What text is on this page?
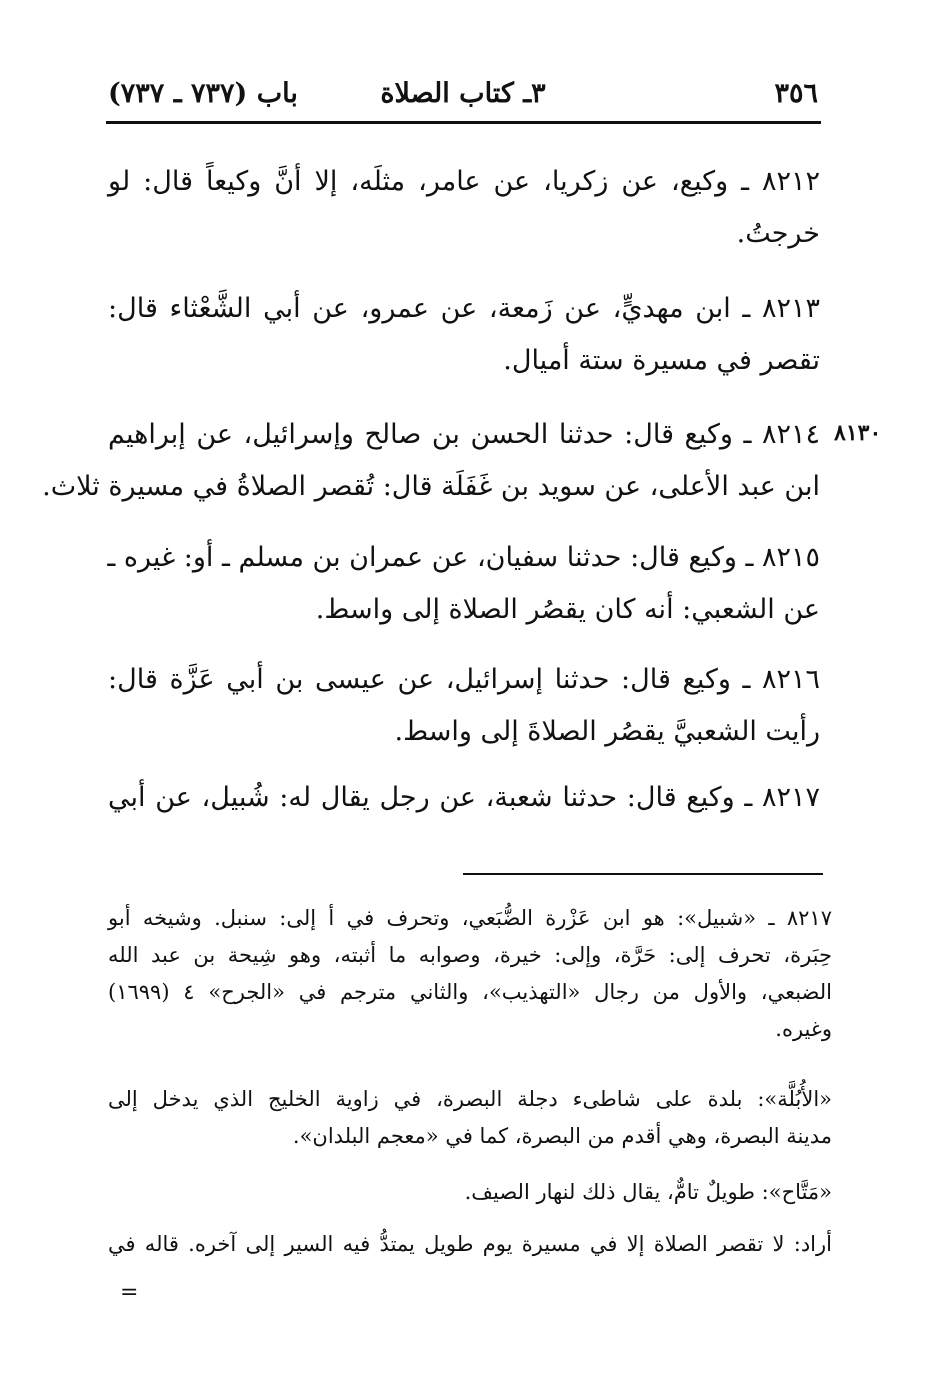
٣٥٦
٣ـ كتاب الصلاة
باب (٧٣٧ ـ ٧٣٧)
٨١٣٠
٨٢١٢ ـ وكيع، عن زكريا، عن عامر، مثلَه، إلا أنَّ وكيعاً قال: لو
خرجتُ.
٨٢١٣ ـ ابن مهديٍّ، عن زَمعة، عن عمرو، عن أبي الشَّعْثاء قال:
تقصر في مسيرة ستة أميال.
٨٢١٤ ـ وكيع قال: حدثنا الحسن بن صالح وإسرائيل، عن إبراهيم
ابن عبد الأعلى، عن سويد بن غَفَلَة قال: تُقصر الصلاةُ في مسيرة ثلاث.
٨٢١٥ ـ وكيع قال: حدثنا سفيان، عن عمران بن مسلم ـ أو: غيره ـ
عن الشعبي: أنه كان يقصُر الصلاة إلى واسط.
٨٢١٦ ـ وكيع قال: حدثنا إسرائيل، عن عيسى بن أبي عَزَّة قال:
رأيت الشعبيَّ يقصُر الصلاةَ إلى واسط.
٨٢١٧ ـ وكيع قال: حدثنا شعبة، عن رجل يقال له: شُبيل، عن أبي
٨٢١٧ ـ «شبيل»: هو ابن عَزْرة الضُّبَعي، وتحرف في أ إلى: سنبل. وشيخه أبو
حِبَرة، تحرف إلى: حَرَّة، وإلى: خيرة، وصوابه ما أثبته، وهو شِيحة بن عبد الله
الضبعي، والأول من رجال «التهذيب»، والثاني مترجم في «الجرح» ٤ (١٦٩٩)
وغيره.
«الأُبُلَّة»: بلدة على شاطىء دجلة البصرة، في زاوية الخليج الذي يدخل إلى
مدينة البصرة، وهي أقدم من البصرة، كما في «معجم البلدان».
«مَتَّاح»: طويلٌ تامٌّ، يقال ذلك لنهار الصيف.
أراد: لا تقصر الصلاة إلا في مسيرة يوم طويل يمتدُّ فيه السير إلى آخره. قاله في
=
